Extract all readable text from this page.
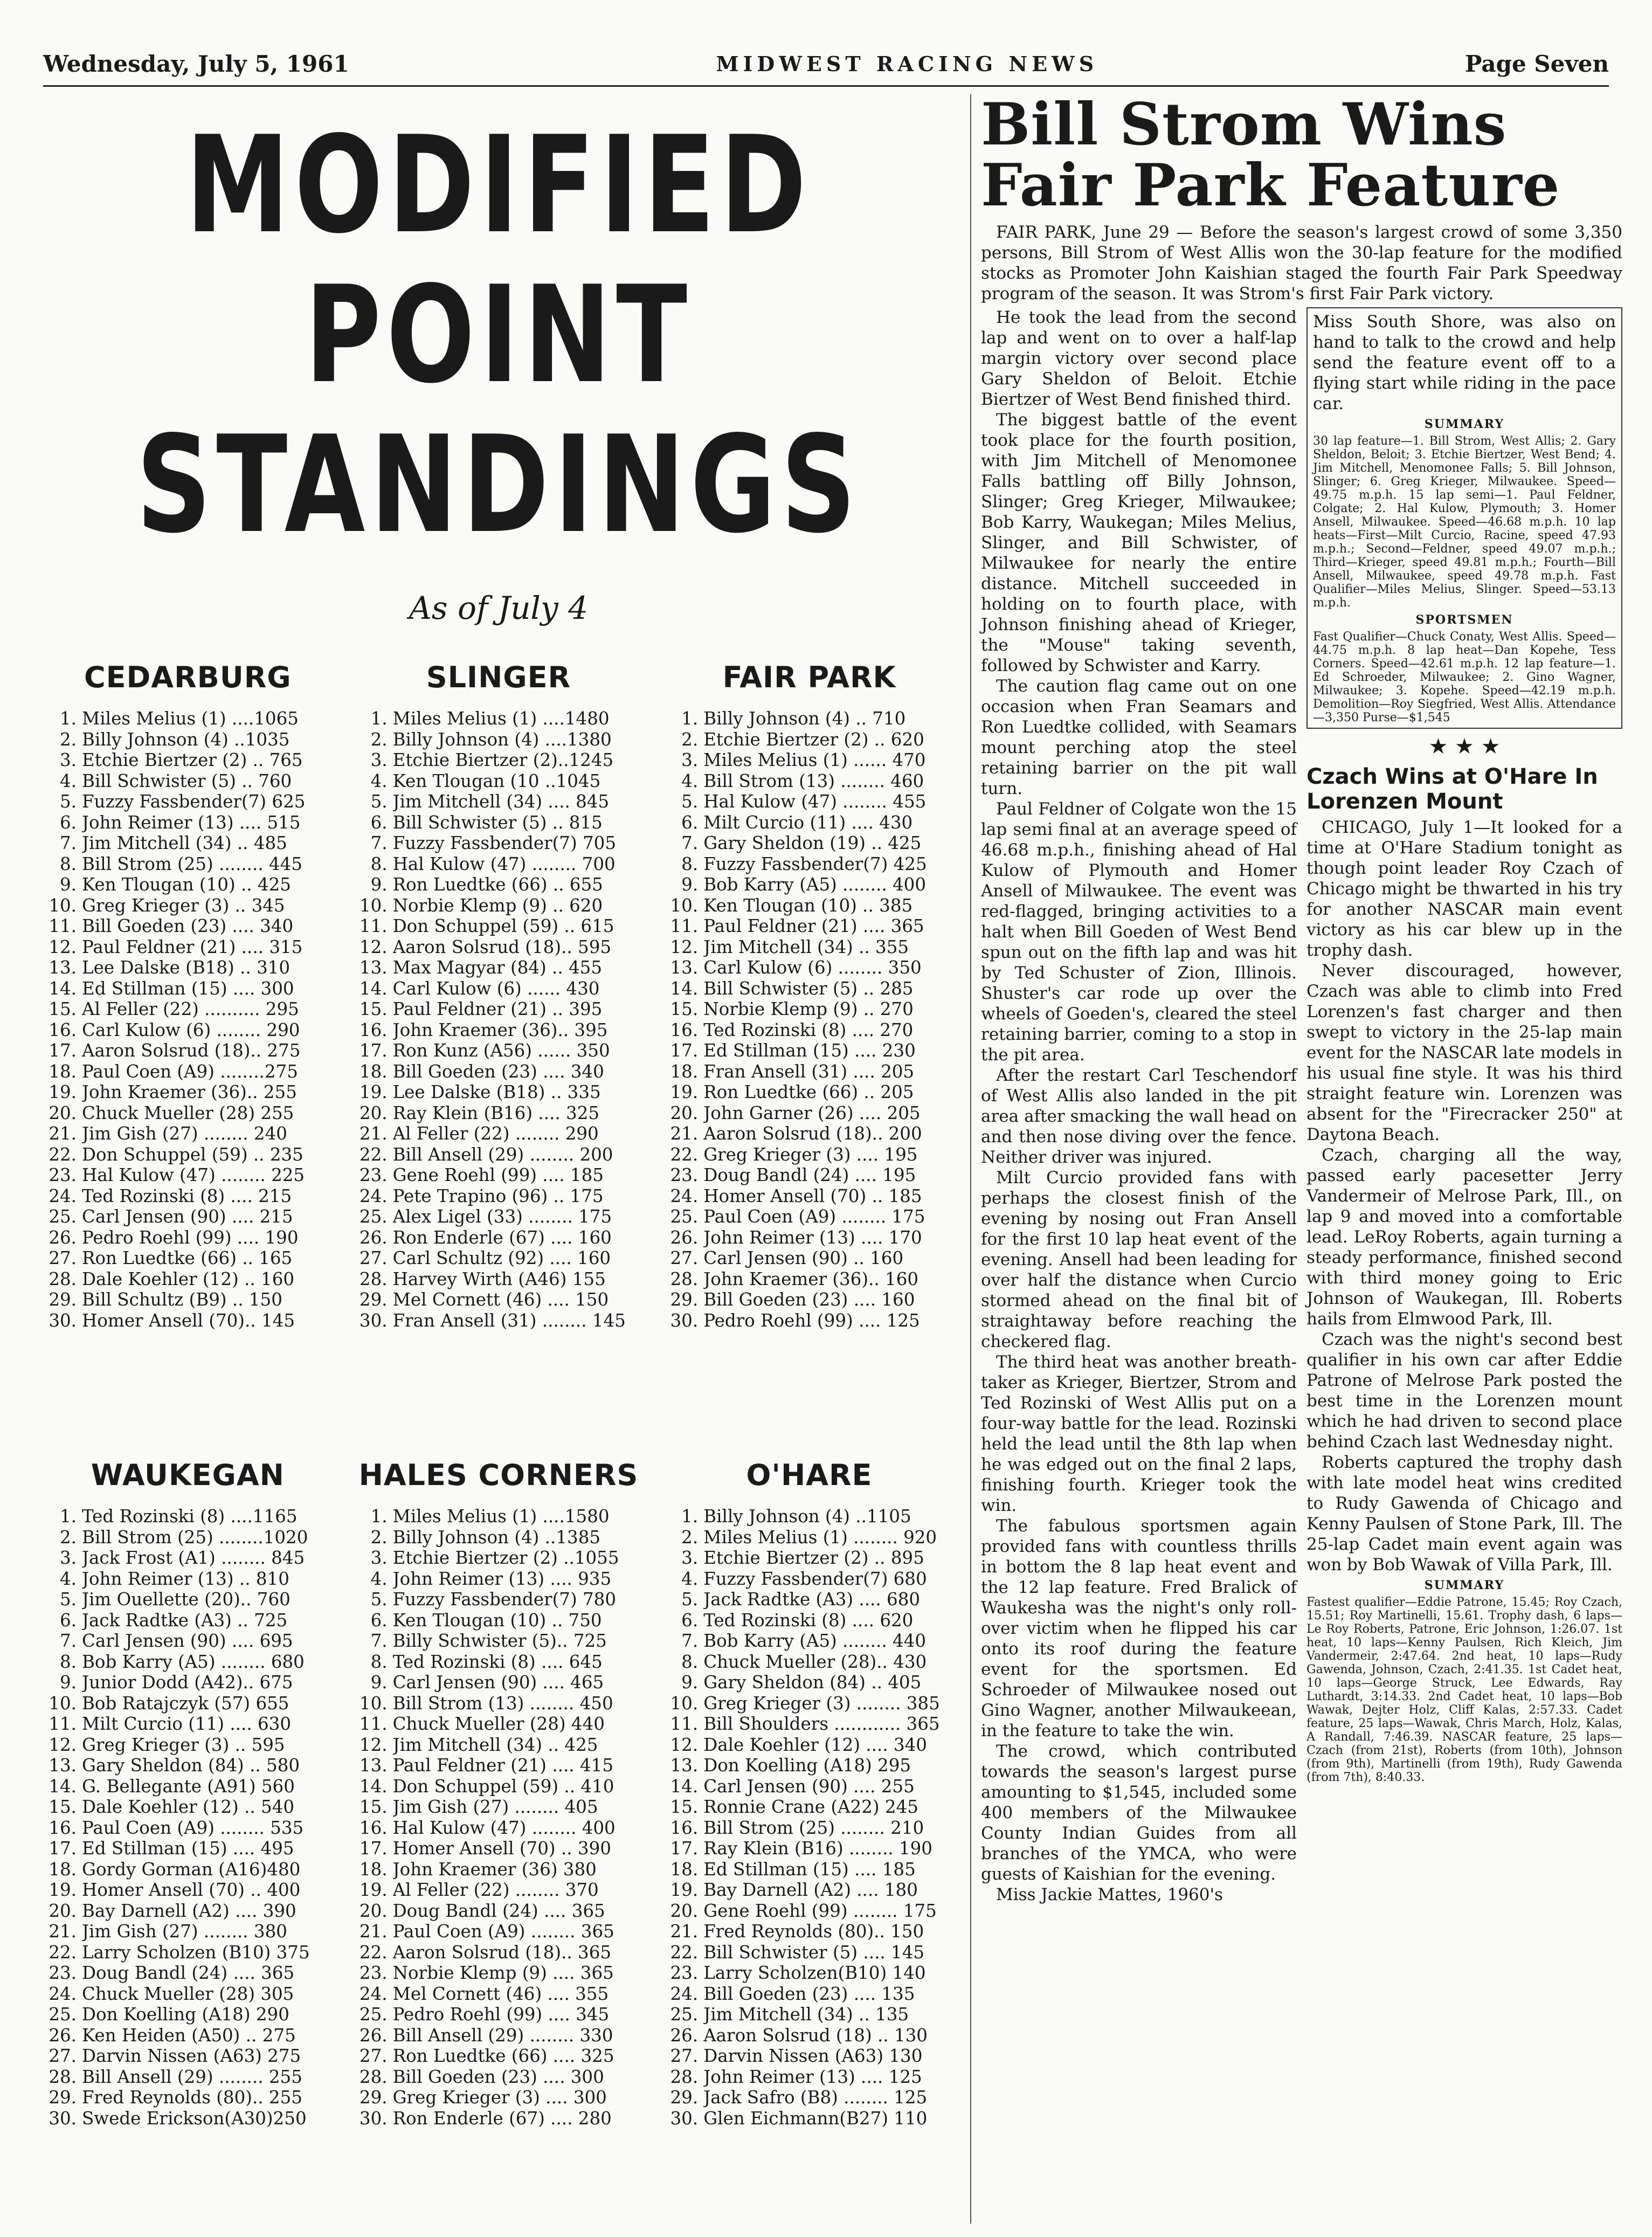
Wednesday, July 5, 1961	MIDWEST RACING NEWS	Page Seven
MODIFIED
POINT
STANDINGS
As of July 4
CEDARBURG
1. Miles Melius (1) ....1065
2. Billy Johnson (4) ..1035
3. Etchie Biertzer (2) .. 765
4. Bill Schwister (5) .. 760
5. Fuzzy Fassbender(7) 625
6. John Reimer (13) .... 515
7. Jim Mitchell (34) .. 485
8. Bill Strom (25) ........ 445
9. Ken Tlougan (10) .. 425
10. Greg Krieger (3) .. 345
11. Bill Goeden (23) .... 340
12. Paul Feldner (21) .... 315
13. Lee Dalske (B18) .. 310
14. Ed Stillman (15) .... 300
15. Al Feller (22) .......... 295
16. Carl Kulow (6) ........ 290
17. Aaron Solsrud (18).. 275
18. Paul Coen (A9) ........275
19. John Kraemer (36).. 255
20. Chuck Mueller (28) 255
21. Jim Gish (27) ........ 240
22. Don Schuppel (59) .. 235
23. Hal Kulow (47) ........ 225
24. Ted Rozinski (8) .... 215
25. Carl Jensen (90) .... 215
26. Pedro Roehl (99) .... 190
27. Ron Luedtke (66) .. 165
28. Dale Koehler (12) .. 160
29. Bill Schultz (B9) .. 150
30. Homer Ansell (70).. 145
SLINGER
1. Miles Melius (1) ....1480
2. Billy Johnson (4) ....1380
3. Etchie Biertzer (2)..1245
4. Ken Tlougan (10 ..1045
5. Jim Mitchell (34) .... 845
6. Bill Schwister (5) .. 815
7. Fuzzy Fassbender(7) 705
8. Hal Kulow (47) ........ 700
9. Ron Luedtke (66) .. 655
10. Norbie Klemp (9) .. 620
11. Don Schuppel (59) .. 615
12. Aaron Solsrud (18).. 595
13. Max Magyar (84) .. 455
14. Carl Kulow (6) ...... 430
15. Paul Feldner (21) .. 395
16. John Kraemer (36).. 395
17. Ron Kunz (A56) ...... 350
18. Bill Goeden (23) .... 340
19. Lee Dalske (B18) .. 335
20. Ray Klein (B16) .... 325
21. Al Feller (22) ........ 290
22. Bill Ansell (29) ........ 200
23. Gene Roehl (99) .... 185
24. Pete Trapino (96) .. 175
25. Alex Ligel (33) ........ 175
26. Ron Enderle (67) .... 160
27. Carl Schultz (92) .... 160
28. Harvey Wirth (A46) 155
29. Mel Cornett (46) .... 150
30. Fran Ansell (31) ........ 145
FAIR PARK
1. Billy Johnson (4) .. 710
2. Etchie Biertzer (2) .. 620
3. Miles Melius (1) ...... 470
4. Bill Strom (13) ........ 460
5. Hal Kulow (47) ........ 455
6. Milt Curcio (11) .... 430
7. Gary Sheldon (19) .. 425
8. Fuzzy Fassbender(7) 425
9. Bob Karry (A5) ........ 400
10. Ken Tlougan (10) .. 385
11. Paul Feldner (21) .... 365
12. Jim Mitchell (34) .. 355
13. Carl Kulow (6) ........ 350
14. Bill Schwister (5) .. 285
15. Norbie Klemp (9) .. 270
16. Ted Rozinski (8) .... 270
17. Ed Stillman (15) .... 230
18. Fran Ansell (31) .... 205
19. Ron Luedtke (66) .. 205
20. John Garner (26) .... 205
21. Aaron Solsrud (18).. 200
22. Greg Krieger (3) .... 195
23. Doug Bandl (24) .... 195
24. Homer Ansell (70) .. 185
25. Paul Coen (A9) ........ 175
26. John Reimer (13) .... 170
27. Carl Jensen (90) .. 160
28. John Kraemer (36).. 160
29. Bill Goeden (23) .... 160
30. Pedro Roehl (99) .... 125
WAUKEGAN
1. Ted Rozinski (8) ....1165
2. Bill Strom (25) ........1020
3. Jack Frost (A1) ........ 845
4. John Reimer (13) .. 810
5. Jim Ouellette (20).. 760
6. Jack Radtke (A3) .. 725
7. Carl Jensen (90) .... 695
8. Bob Karry (A5) ........ 680
9. Junior Dodd (A42).. 675
10. Bob Ratajczyk (57) 655
11. Milt Curcio (11) .... 630
12. Greg Krieger (3) .. 595
13. Gary Sheldon (84) .. 580
14. G. Bellegante (A91) 560
15. Dale Koehler (12) .. 540
16. Paul Coen (A9) ........ 535
17. Ed Stillman (15) .... 495
18. Gordy Gorman (A16)480
19. Homer Ansell (70) .. 400
20. Bay Darnell (A2) .... 390
21. Jim Gish (27) ........ 380
22. Larry Scholzen (B10) 375
23. Doug Bandl (24) .... 365
24. Chuck Mueller (28) 305
25. Don Koelling (A18) 290
26. Ken Heiden (A50) .. 275
27. Darvin Nissen (A63) 275
28. Bill Ansell (29) ........ 255
29. Fred Reynolds (80).. 255
30. Swede Erickson(A30)250
HALES CORNERS
1. Miles Melius (1) ....1580
2. Billy Johnson (4) ..1385
3. Etchie Biertzer (2) ..1055
4. John Reimer (13) .... 935
5. Fuzzy Fassbender(7) 780
6. Ken Tlougan (10) .. 750
7. Billy Schwister (5).. 725
8. Ted Rozinski (8) .... 645
9. Carl Jensen (90) .... 465
10. Bill Strom (13) ........ 450
11. Chuck Mueller (28) 440
12. Jim Mitchell (34) .. 425
13. Paul Feldner (21) .... 415
14. Don Schuppel (59) .. 410
15. Jim Gish (27) ........ 405
16. Hal Kulow (47) ........ 400
17. Homer Ansell (70) .. 390
18. John Kraemer (36) 380
19. Al Feller (22) ........ 370
20. Doug Bandl (24) .... 365
21. Paul Coen (A9) ........ 365
22. Aaron Solsrud (18).. 365
23. Norbie Klemp (9) .... 365
24. Mel Cornett (46) .... 355
25. Pedro Roehl (99) .... 345
26. Bill Ansell (29) ........ 330
27. Ron Luedtke (66) .... 325
28. Bill Goeden (23) .... 300
29. Greg Krieger (3) .... 300
30. Ron Enderle (67) .... 280
O'HARE
1. Billy Johnson (4) ..1105
2. Miles Melius (1) ........ 920
3. Etchie Biertzer (2) .. 895
4. Fuzzy Fassbender(7) 680
5. Jack Radtke (A3) .... 680
6. Ted Rozinski (8) .... 620
7. Bob Karry (A5) ........ 440
8. Chuck Mueller (28).. 430
9. Gary Sheldon (84) .. 405
10. Greg Krieger (3) ........ 385
11. Bill Shoulders ............ 365
12. Dale Koehler (12) .... 340
13. Don Koelling (A18) 295
14. Carl Jensen (90) .... 255
15. Ronnie Crane (A22) 245
16. Bill Strom (25) ........ 210
17. Ray Klein (B16) ........ 190
18. Ed Stillman (15) .... 185
19. Bay Darnell (A2) .... 180
20. Gene Roehl (99) ........ 175
21. Fred Reynolds (80).. 150
22. Bill Schwister (5) .... 145
23. Larry Scholzen(B10) 140
24. Bill Goeden (23) .... 135
25. Jim Mitchell (34) .. 135
26. Aaron Solsrud (18) .. 130
27. Darvin Nissen (A63) 130
28. John Reimer (13) .... 125
29. Jack Safro (B8) ........ 125
30. Glen Eichmann(B27) 110
Bill Strom Wins Fair Park Feature

FAIR PARK, June 29 — Before the season's largest crowd of some 3,350 persons, Bill Strom of West Allis won the 30-lap feature for the modified stocks as Promoter John Kaishian staged the fourth Fair Park Speedway program of the season. It was Strom's first Fair Park victory.

He took the lead from the second lap and went on to over a half-lap margin victory over second place Gary Sheldon of Beloit. Etchie Biertzer of West Bend finished third.

The biggest battle of the event took place for the fourth position, with Jim Mitchell of Menomonee Falls battling off Billy Johnson, Slinger; Greg Krieger, Milwaukee; Bob Karry, Waukegan; Miles Melius, Slinger, and Bill Schwister, of Milwaukee for nearly the entire distance. Mitchell succeeded in holding on to fourth place, with Johnson finishing ahead of Krieger, the "Mouse" taking seventh, followed by Schwister and Karry.

The caution flag came out on one occasion when Fran Seamars and Ron Luedtke collided, with Seamars mount perching atop the steel retaining barrier on the pit wall turn.

Paul Feldner of Colgate won the 15 lap semi final at an average speed of 46.68 m.p.h., finishing ahead of Hal Kulow of Plymouth and Homer Ansell of Milwaukee. The event was red-flagged, bringing activities to a halt when Bill Goeden of West Bend spun out on the fifth lap and was hit by Ted Schuster of Zion, Illinois. Shuster's car rode up over the wheels of Goeden's, cleared the steel retaining barrier, coming to a stop in the pit area.

After the restart Carl Teschendorf of West Allis also landed in the pit area after smacking the wall head on and then nose diving over the fence. Neither driver was injured.

Milt Curcio provided fans with perhaps the closest finish of the evening by nosing out Fran Ansell for the first 10 lap heat event of the evening. Ansell had been leading for over half the distance when Curcio stormed ahead on the final bit of straightaway before reaching the checkered flag.

The third heat was another breath-taker as Krieger, Biertzer, Strom and Ted Rozinski of West Allis put on a four-way battle for the lead. Rozinski held the lead until the 8th lap when he was edged out on the final 2 laps, finishing fourth. Krieger took the win.

The fabulous sportsmen again provided fans with countless thrills in bottom the 8 lap heat event and the 12 lap feature. Fred Bralick of Waukesha was the night's only roll-over victim when he flipped his car onto its roof during the feature event for the sportsmen. Ed Schroeder of Milwaukee nosed out Gino Wagner, another Milwaukeean, in the feature to take the win.

The crowd, which contributed towards the season's largest purse amounting to $1,545, included some 400 members of the Milwaukee County Indian Guides from all branches of the YMCA, who were guests of Kaishian for the evening.

Miss Jackie Mattes, 1960's

Miss South Shore, was also on hand to talk to the crowd and help send the feature event off to a flying start while riding in the pace car.
SUMMARY
30 lap feature—1. Bill Strom, West Allis; 2. Gary Sheldon, Beloit; 3. Etchie Biertzer, West Bend; 4. Jim Mitchell, Menomonee Falls; 5. Bill Johnson, Slinger; 6. Greg Krieger, Milwaukee. Speed—49.75 m.p.h. 15 lap semi—1. Paul Feldner, Colgate; 2. Hal Kulow, Plymouth; 3. Homer Ansell, Milwaukee. Speed—46.68 m.p.h. 10 lap heats—First—Milt Curcio, Racine, speed 47.93 m.p.h.; Second—Feldner, speed 49.07 m.p.h.; Third—Krieger, speed 49.81 m.p.h.; Fourth—Bill Ansell, Milwaukee, speed 49.78 m.p.h. Fast Qualifier—Miles Melius, Slinger. Speed—53.13 m.p.h.
SPORTSMEN
Fast Qualifier—Chuck Conaty, West Allis. Speed—44.75 m.p.h. 8 lap heat—Dan Kopehe, Tess Corners. Speed—42.61 m.p.h. 12 lap feature—1. Ed Schroeder, Milwaukee; 2. Gino Wagner, Milwaukee; 3. Kopehe. Speed—42.19 m.p.h. Demolition—Roy Siegfried, West Allis. Attendance—3,350 Purse—$1,545
★ ★ ★
Czach Wins at O'Hare In Lorenzen Mount

CHICAGO, July 1—It looked for a time at O'Hare Stadium tonight as though point leader Roy Czach of Chicago might be thwarted in his try for another NASCAR main event victory as his car blew up in the trophy dash.

Never discouraged, however, Czach was able to climb into Fred Lorenzen's fast charger and then swept to victory in the 25-lap main event for the NASCAR late models in his usual fine style. It was his third straight feature win. Lorenzen was absent for the "Firecracker 250" at Daytona Beach.

Czach, charging all the way, passed early pacesetter Jerry Vandermeir of Melrose Park, Ill., on lap 9 and moved into a comfortable lead. LeRoy Roberts, again turning a steady performance, finished second with third money going to Eric Johnson of Waukegan, Ill. Roberts hails from Elmwood Park, Ill.

Czach was the night's second best qualifier in his own car after Eddie Patrone of Melrose Park posted the best time in the Lorenzen mount which he had driven to second place behind Czach last Wednesday night.

Roberts captured the trophy dash with late model heat wins credited to Rudy Gawenda of Chicago and Kenny Paulsen of Stone Park, Ill. The 25-lap Cadet main event again was won by Bob Wawak of Villa Park, Ill.

SUMMARY
Fastest qualifier—Eddie Patrone, 15.45; Roy Czach, 15.51; Roy Martinelli, 15.61. Trophy dash, 6 laps—Le Roy Roberts, Patrone, Eric Johnson, 1:26.07. 1st heat, 10 laps—Kenny Paulsen, Rich Kleich, Jim Vandermeir, 2:47.64. 2nd heat, 10 laps—Rudy Gawenda, Johnson, Czach, 2:41.35. 1st Cadet heat, 10 laps—George Struck, Lee Edwards, Ray Luthardt, 3:14.33. 2nd Cadet heat, 10 laps—Bob Wawak, Dejter Holz, Cliff Kalas, 2:57.33. Cadet feature, 25 laps—Wawak, Chris March, Holz, Kalas, A Randall, 7:46.39. NASCAR feature, 25 laps—Czach (from 21st), Roberts (from 10th), Johnson (from 9th), Martinelli (from 19th), Rudy Gawenda (from 7th), 8:40.33.
